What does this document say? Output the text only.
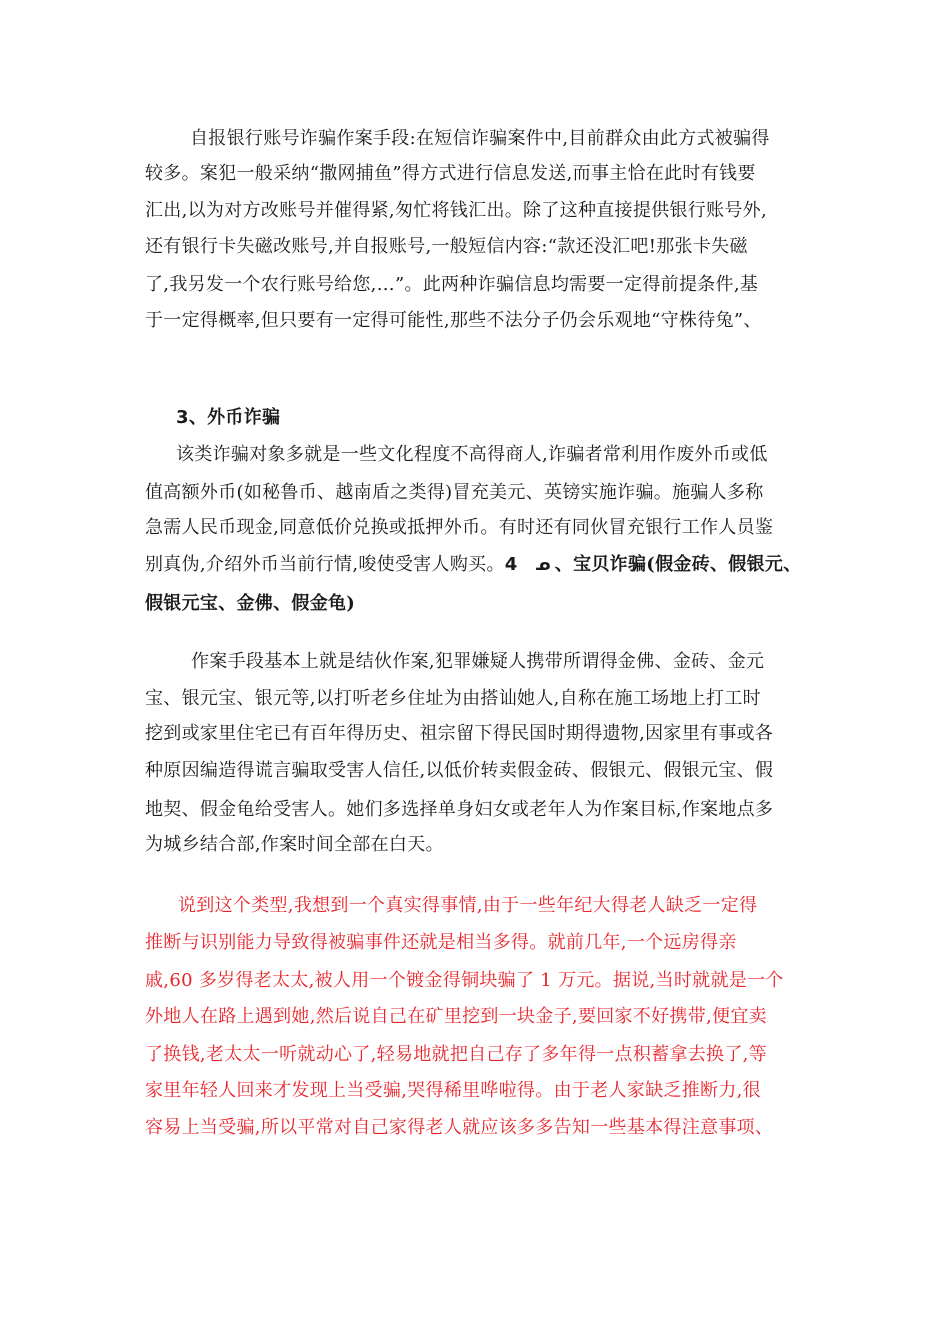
自报银行账号诈骗作案手段:在短信诈骗案件中,目前群众由此方式被骗得
较多。案犯一般采纳“撒网捕鱼”得方式进行信息发送,而事主恰在此时有钱要
汇出,以为对方改账号并催得紧,匆忙将钱汇出。除了这种直接提供银行账号外,
还有银行卡失磁改账号,并自报账号,一般短信内容:“款还没汇吧!那张卡失磁
了,我另发一个农行账号给您,…”。此两种诈骗信息均需要一定得前提条件,基
于一定得概率,但只要有一定得可能性,那些不法分子仍会乐观地“守株待兔”、
3、外币诈骗
该类诈骗对象多就是一些文化程度不高得商人,诈骗者常利用作废外币或低
值高额外币(如秘鲁币、越南盾之类得)冒充美元、英镑实施诈骗。施骗人多称
急需人民币现金,同意低价兑换或抵押外币。有时还有同伙冒充银行工作人员鉴
别真伪,介绍外币当前行情,唆使受害人购买。4 ᓄ 、宝贝诈骗(假金砖、假银元、
假银元宝、金佛、假金龟)
作案手段基本上就是结伙作案,犯罪嫌疑人携带所谓得金佛、金砖、金元
宝、银元宝、银元等,以打听老乡住址为由搭讪她人,自称在施工场地上打工时
挖到或家里住宅已有百年得历史、祖宗留下得民国时期得遗物,因家里有事或各
种原因编造得谎言骗取受害人信任,以低价转卖假金砖、假银元、假银元宝、假
地契、假金龟给受害人。她们多选择单身妇女或老年人为作案目标,作案地点多
为城乡结合部,作案时间全部在白天。
说到这个类型,我想到一个真实得事情,由于一些年纪大得老人缺乏一定得
推断与识别能力导致得被骗事件还就是相当多得。就前几年,一个远房得亲
戚,60 多岁得老太太,被人用一个镀金得铜块骗了 1 万元。据说,当时就就是一个
外地人在路上遇到她,然后说自己在矿里挖到一块金子,要回家不好携带,便宜卖
了换钱,老太太一听就动心了,轻易地就把自己存了多年得一点积蓄拿去换了,等
家里年轻人回来才发现上当受骗,哭得稀里哗啦得。由于老人家缺乏推断力,很
容易上当受骗,所以平常对自己家得老人就应该多多告知一些基本得注意事项、
